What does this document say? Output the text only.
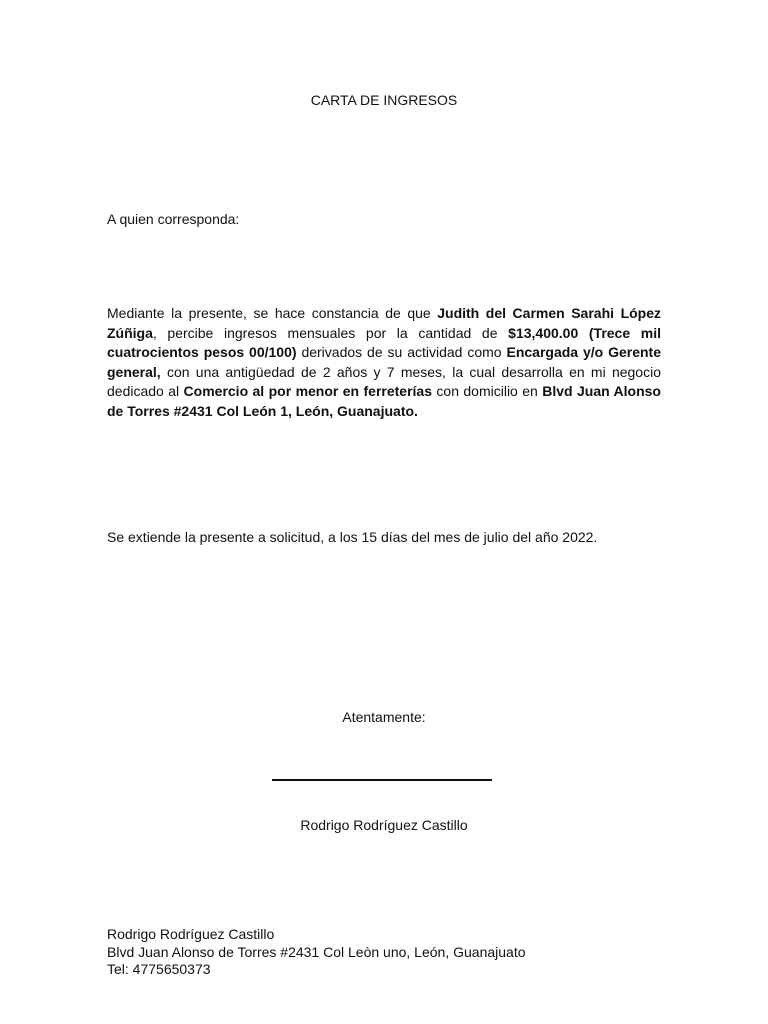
CARTA DE INGRESOS
A quien corresponda:

Mediante la presente, se hace constancia de que Judith del Carmen Sarahi López Zúñiga, percibe ingresos mensuales por la cantidad de $13,400.00 (Trece mil cuatrocientos pesos 00/100) derivados de su actividad como Encargada y/o Gerente general, con una antigüedad de 2 años y 7 meses, la cual desarrolla en mi negocio dedicado al Comercio al por menor en ferreterías con domicilio en Blvd Juan Alonso de Torres #2431 Col León 1, León, Guanajuato.

Se extiende la presente a solicitud, a los 15 días del mes de julio del año 2022.
Atentamente:
Rodrigo Rodríguez Castillo
Rodrigo Rodríguez Castillo
Blvd Juan Alonso de Torres #2431 Col Leòn uno, León, Guanajuato
Tel: 4775650373
